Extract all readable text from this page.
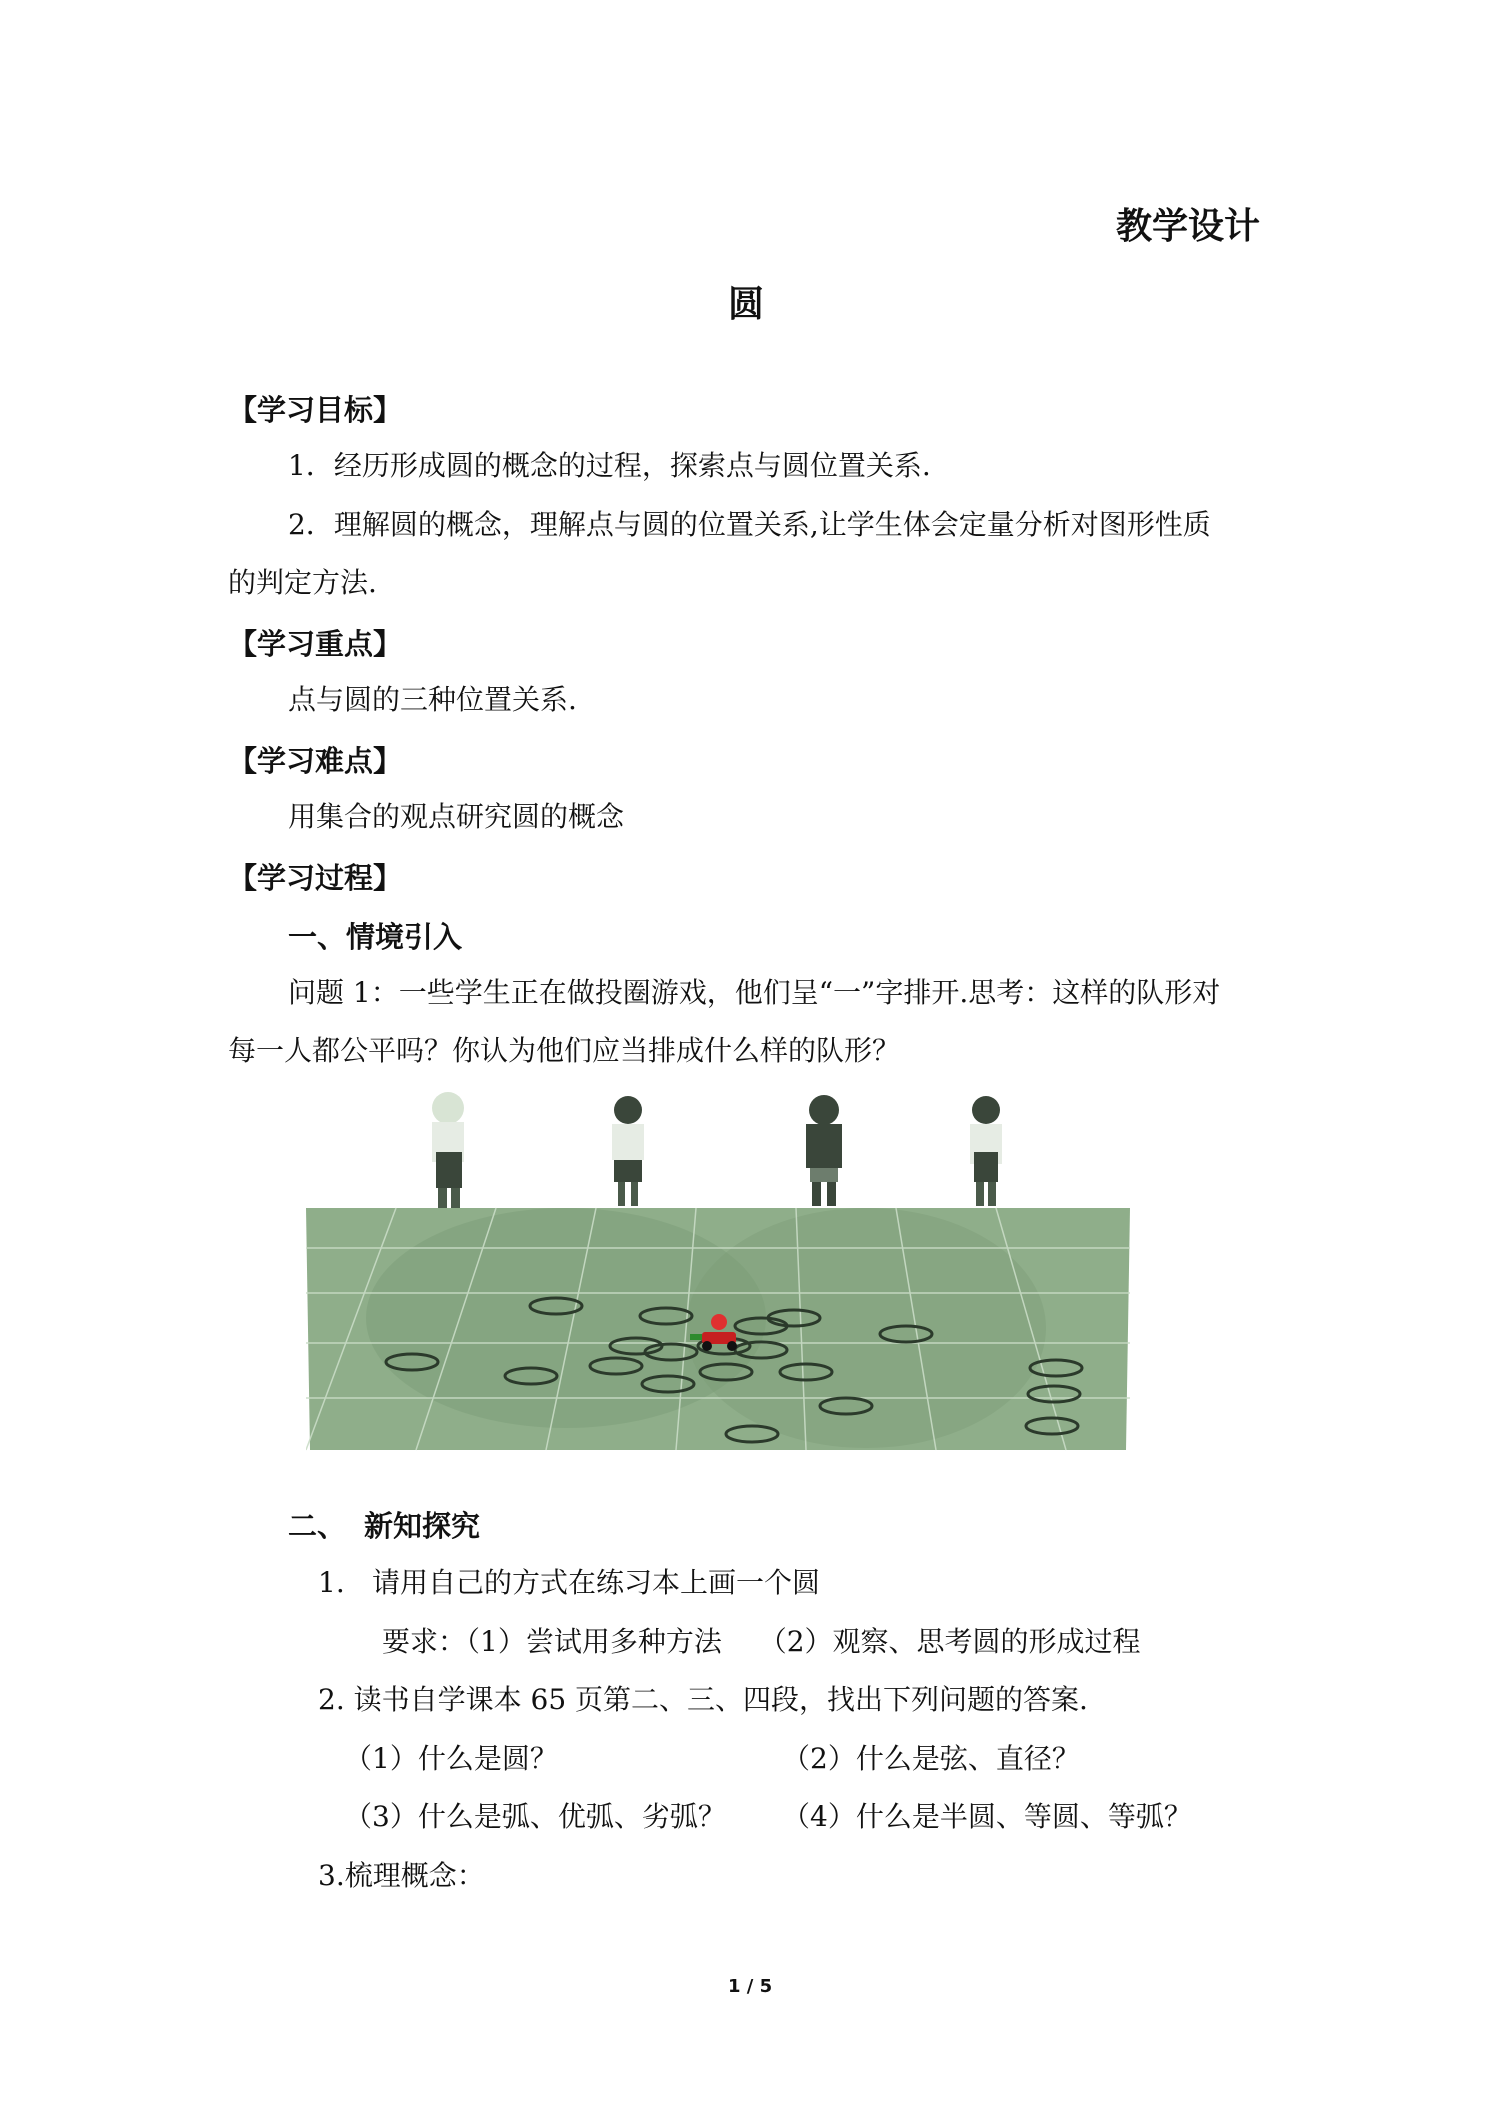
教学设计
圆
【学习目标】
1．经历形成圆的概念的过程，探索点与圆位置关系.
2．理解圆的概念，理解点与圆的位置关系,让学生体会定量分析对图形性质
的判定方法.
【学习重点】
点与圆的三种位置关系.
【学习难点】
用集合的观点研究圆的概念
【学习过程】
一、情境引入
问题 1：一些学生正在做投圈游戏，他们呈“一”字排开.思考：这样的队形对
每一人都公平吗？你认为他们应当排成什么样的队形？
二、 新知探究
1. 请用自己的方式在练习本上画一个圆
要求：（1）尝试用多种方法　 （2）观察、思考圆的形成过程
2. 读书自学课本 65 页第二、三、四段，找出下列问题的答案.
（1）什么是圆？	（2）什么是弦、直径？
（3）什么是弧、优弧、劣弧？ （4）什么是半圆、等圆、等弧？
3.梳理概念：
1 / 5
